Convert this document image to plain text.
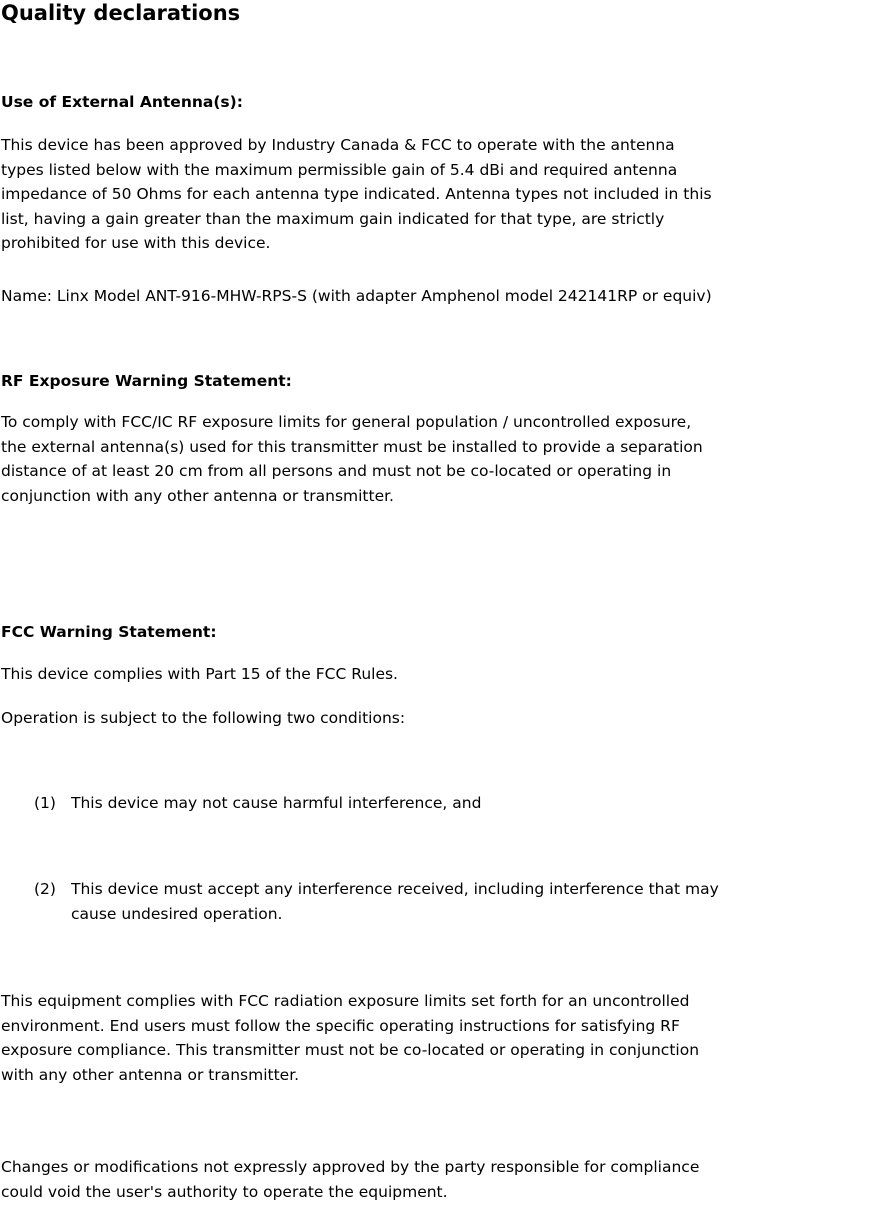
Quality declarations
Use of External Antenna(s):

This device has been approved by Industry Canada & FCC to operate with the antenna
types listed below with the maximum permissible gain of 5.4 dBi and required antenna
impedance of 50 Ohms for each antenna type indicated. Antenna types not included in this
list, having a gain greater than the maximum gain indicated for that type, are strictly
prohibited for use with this device.

Name: Linx Model ANT-916-MHW-RPS-S (with adapter Amphenol model 242141RP or equiv)

RF Exposure Warning Statement:

To comply with FCC/IC RF exposure limits for general population / uncontrolled exposure,
the external antenna(s) used for this transmitter must be installed to provide a separation
distance of at least 20 cm from all persons and must not be co-located or operating in
conjunction with any other antenna or transmitter.

FCC Warning Statement:

This device complies with Part 15 of the FCC Rules.

Operation is subject to the following two conditions:

(1) This device may not cause harmful interference, and
(2) This device must accept any interference received, including interference that may
cause undesired operation.

This equipment complies with FCC radiation exposure limits set forth for an uncontrolled
environment. End users must follow the specific operating instructions for satisfying RF
exposure compliance. This transmitter must not be co-located or operating in conjunction
with any other antenna or transmitter.

Changes or modifications not expressly approved by the party responsible for compliance
could void the user's authority to operate the equipment.
